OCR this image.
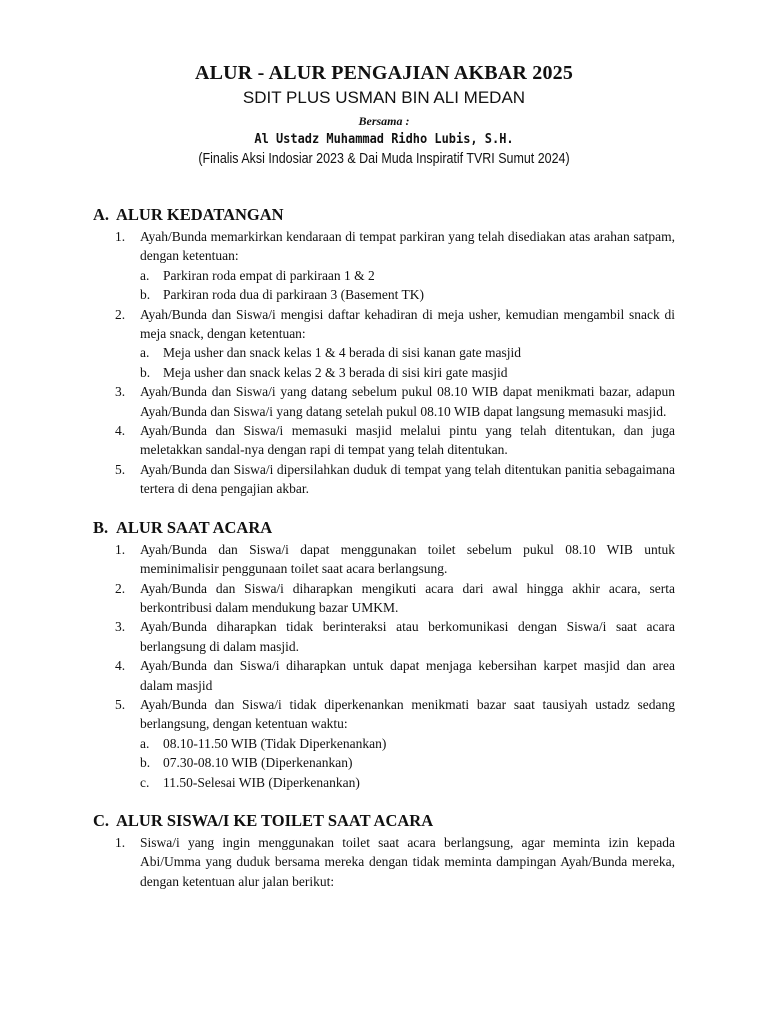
ALUR - ALUR PENGAJIAN AKBAR 2025
SDIT PLUS USMAN BIN ALI MEDAN
Bersama :
Al Ustadz Muhammad Ridho Lubis, S.H.
(Finalis Aksi Indosiar 2023 & Dai Muda Inspiratif TVRI Sumut 2024)
A. ALUR KEDATANGAN
1. Ayah/Bunda memarkirkan kendaraan di tempat parkiran yang telah disediakan atas arahan satpam, dengan ketentuan:
a. Parkiran roda empat di parkiraan 1 & 2
b. Parkiran roda dua di parkiraan 3 (Basement TK)
2. Ayah/Bunda dan Siswa/i mengisi daftar kehadiran di meja usher, kemudian mengambil snack di meja snack, dengan ketentuan:
a. Meja usher dan snack kelas 1 & 4 berada di sisi kanan gate masjid
b. Meja usher dan snack kelas 2 & 3 berada di sisi kiri gate masjid
3. Ayah/Bunda dan Siswa/i yang datang sebelum pukul 08.10 WIB dapat menikmati bazar, adapun Ayah/Bunda dan Siswa/i yang datang setelah pukul 08.10 WIB dapat langsung memasuki masjid.
4. Ayah/Bunda dan Siswa/i memasuki masjid melalui pintu yang telah ditentukan, dan juga meletakkan sandal-nya dengan rapi di tempat yang telah ditentukan.
5. Ayah/Bunda dan Siswa/i dipersilahkan duduk di tempat yang telah ditentukan panitia sebagaimana tertera di dena pengajian akbar.
B. ALUR SAAT ACARA
1. Ayah/Bunda dan Siswa/i dapat menggunakan toilet sebelum pukul 08.10 WIB untuk meminimalisir penggunaan toilet saat acara berlangsung.
2. Ayah/Bunda dan Siswa/i diharapkan mengikuti acara dari awal hingga akhir acara, serta berkontribusi dalam mendukung bazar UMKM.
3. Ayah/Bunda diharapkan tidak berinteraksi atau berkomunikasi dengan Siswa/i saat acara berlangsung di dalam masjid.
4. Ayah/Bunda dan Siswa/i diharapkan untuk dapat menjaga kebersihan karpet masjid dan area dalam masjid
5. Ayah/Bunda dan Siswa/i tidak diperkenankan menikmati bazar saat tausiyah ustadz sedang berlangsung, dengan ketentuan waktu:
a. 08.10-11.50 WIB (Tidak Diperkenankan)
b. 07.30-08.10 WIB (Diperkenankan)
c. 11.50-Selesai WIB (Diperkenankan)
C. ALUR SISWA/I KE TOILET SAAT ACARA
1. Siswa/i yang ingin menggunakan toilet saat acara berlangsung, agar meminta izin kepada Abi/Umma yang duduk bersama mereka dengan tidak meminta dampingan Ayah/Bunda mereka, dengan ketentuan alur jalan berikut:
